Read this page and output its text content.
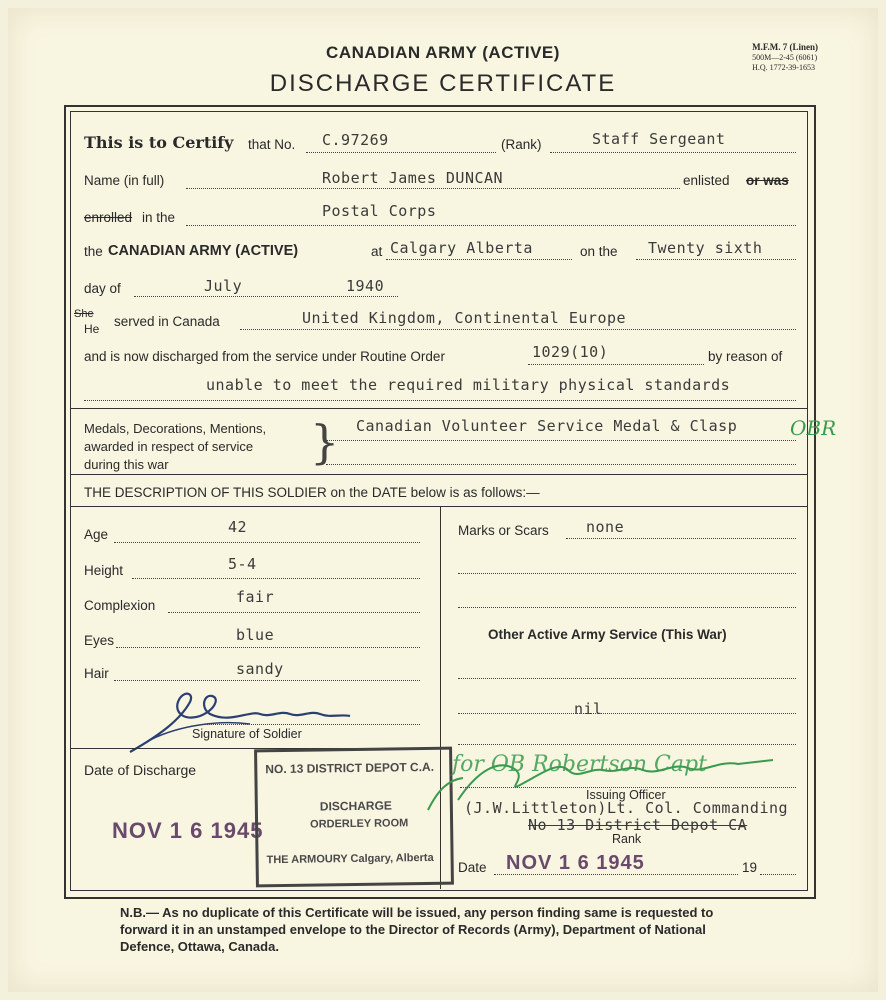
CANADIAN ARMY (ACTIVE)
DISCHARGE CERTIFICATE
M.F.M. 7 (Linen)
500M—2-45 (6061)
H.Q. 1772-39-1653
This is to Certify that No. C.97269	(Rank)	Staff Sergeant
Name (in full)	Robert James DUNCAN	enlisted or was
enrolled in the	Postal Corps
the CANADIAN ARMY (ACTIVE)	at Calgary Alberta	on the Twenty sixth
day of	July	1940
She
He served in Canada	United Kingdom, Continental Europe
and is now discharged from the service under Routine Order	1029(10)	by reason of
unable to meet the required military physical standards
Medals, Decorations, Mentions,
awarded in respect of service
during this war	} Canadian Volunteer Service Medal & Clasp	OBR
THE DESCRIPTION OF THIS SOLDIER on the DATE below is as follows:—
Age	42
Height	5-4
Complexion	fair
Eyes	blue
Hair	sandy
Signature of Soldier
Date of Discharge
NOV 1 6 1945
NO. 13 DISTRICT DEPOT C.A.
DISCHARGE
ORDERLEY ROOM
THE ARMOURY Calgary, Alberta
Marks or Scars none
Other Active Army Service (This War)
nil
for OB Robertson Capt
Issuing Officer
(J.W.Littleton)Lt. Col. Commanding
No 13 District Depot CA
Rank
Date NOV 1 6 1945	19
N.B.— As no duplicate of this Certificate will be issued, any person finding same is requested to forward it in an unstamped envelope to the Director of Records (Army), Department of National Defence, Ottawa, Canada.
